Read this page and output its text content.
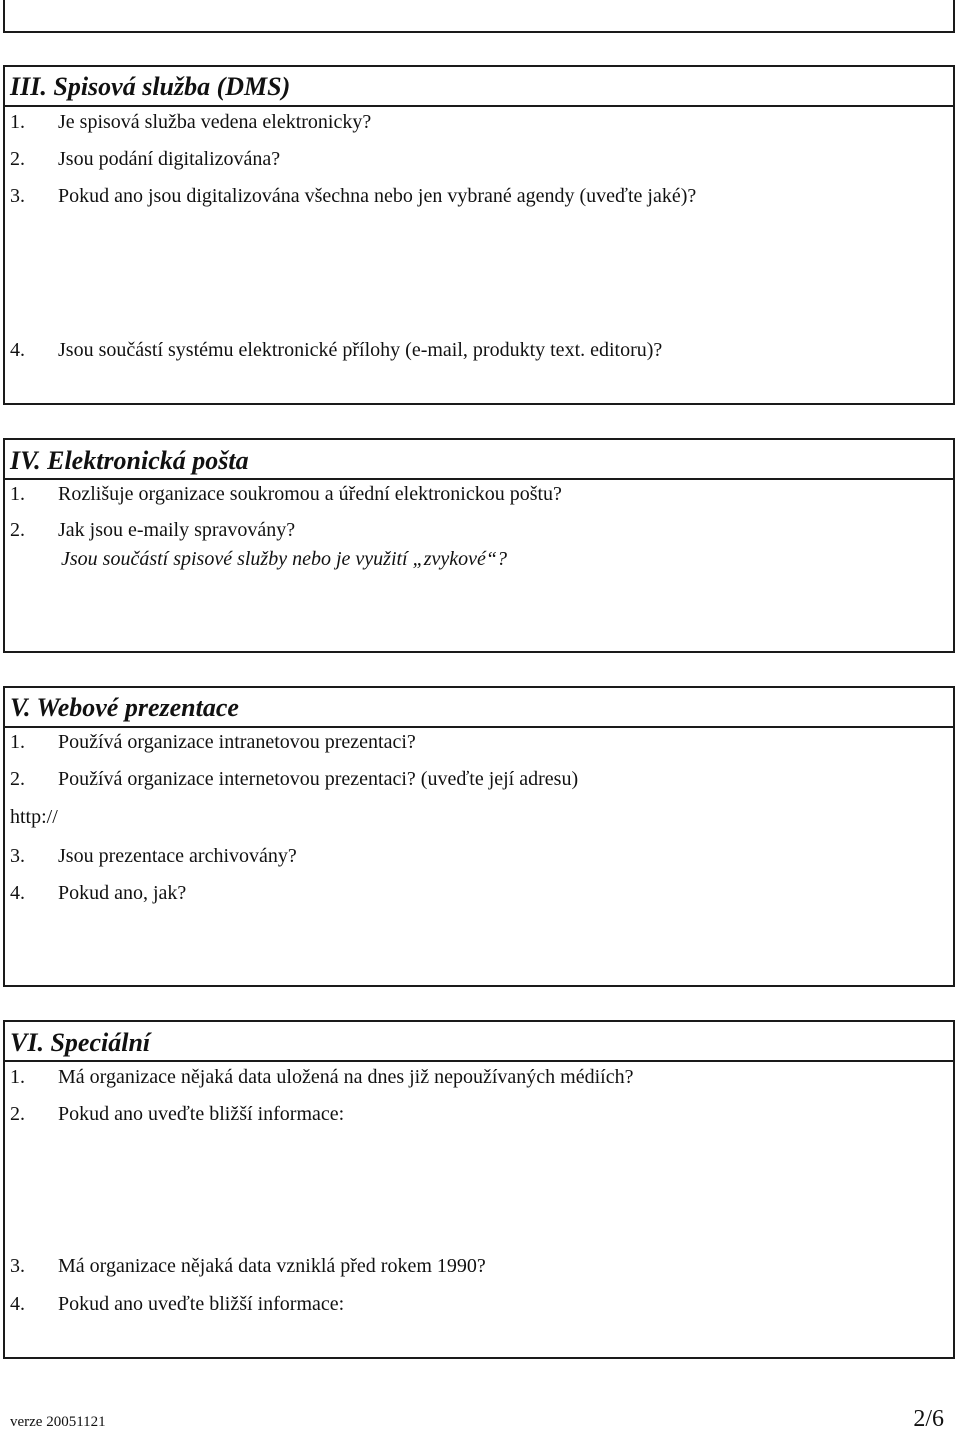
III. Spisová služba (DMS)
1. Je spisová služba vedena elektronicky?
2. Jsou podání digitalizována?
3. Pokud ano jsou digitalizována všechna nebo jen vybrané agendy (uveďte jaké)?
4. Jsou součástí systému elektronické přílohy (e-mail, produkty text. editoru)?
IV. Elektronická pošta
1. Rozlišuje organizace soukromou a úřední elektronickou poštu?
2. Jak jsou e-maily spravovány?
Jsou součástí spisové služby nebo je využití „zvykové“?
V. Webové prezentace
1. Používá organizace intranetovou prezentaci?
2. Používá organizace internetovou prezentaci? (uveďte její adresu)
http://
3. Jsou prezentace archivovány?
4. Pokud ano, jak?
VI. Speciální
1. Má organizace nějaká data uložená na dnes již nepoužívaných médiích?
2. Pokud ano uveďte bližší informace:
3. Má organizace nějaká data vzniklá před rokem 1990?
4. Pokud ano uveďte bližší informace:
verze 20051121	2/6
